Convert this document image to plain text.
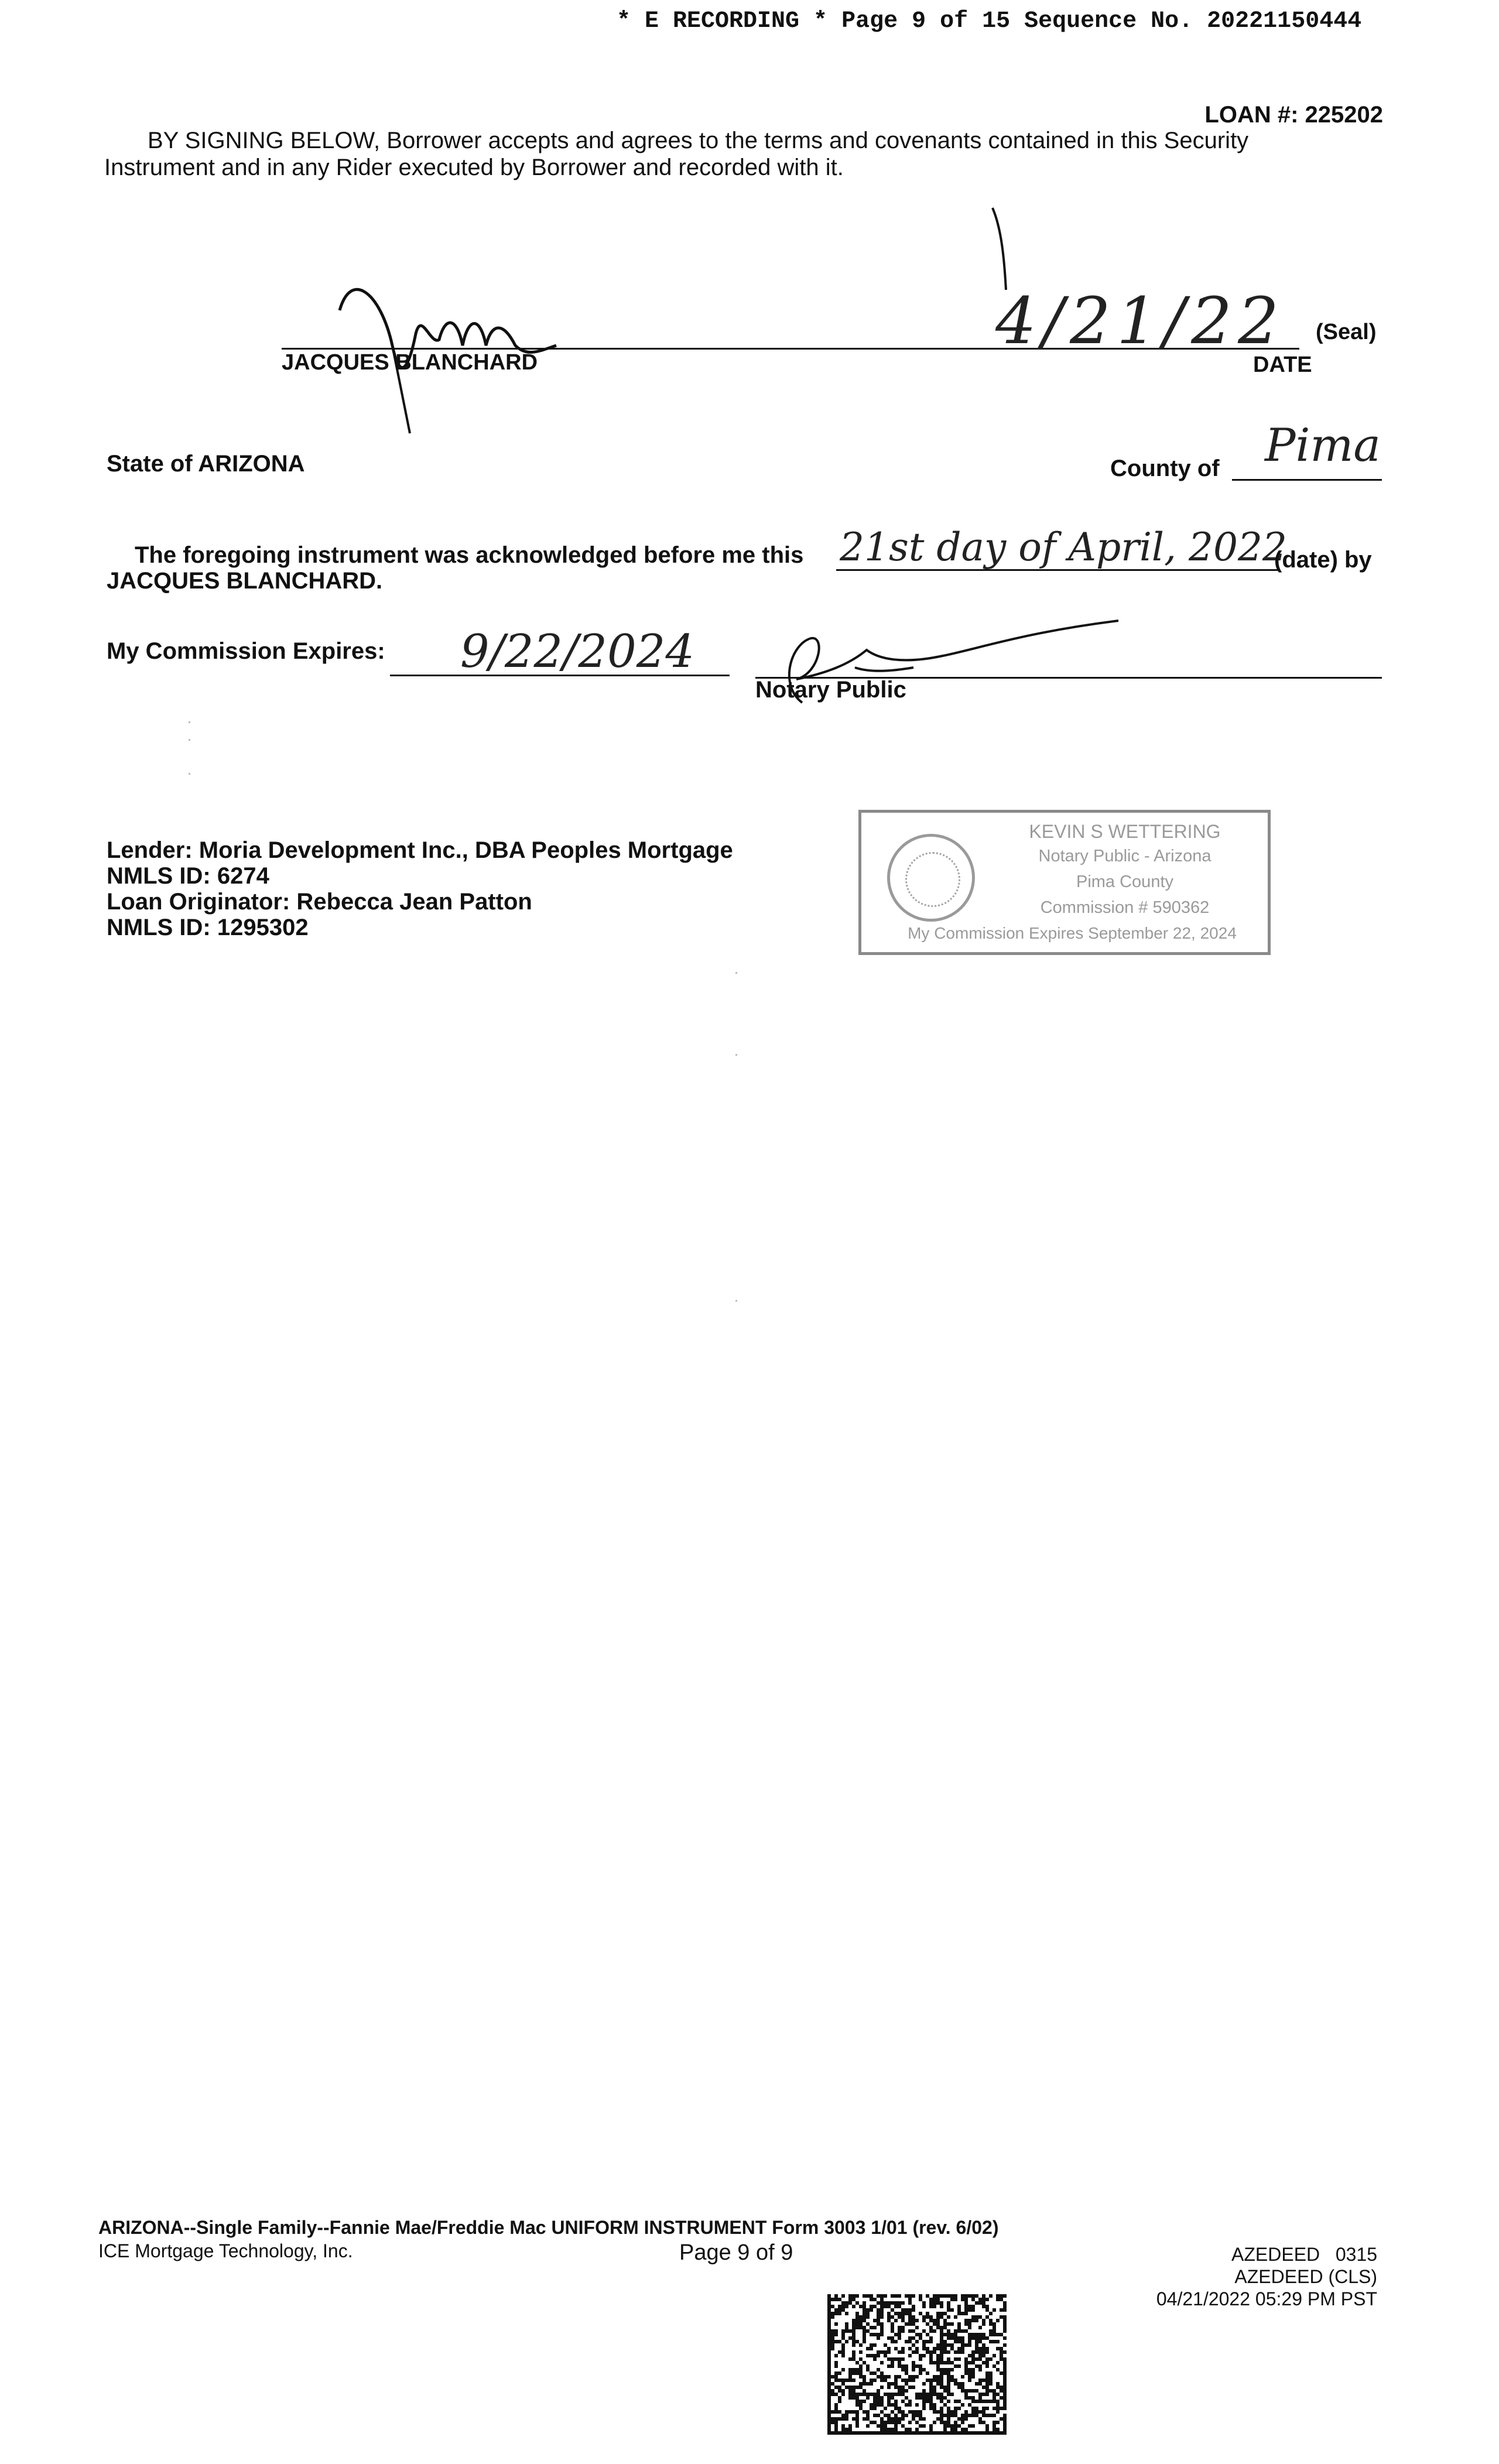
* E RECORDING * Page 9 of 15 Sequence No. 20221150444
LOAN #: 225202
BY SIGNING BELOW, Borrower accepts and agrees to the terms and covenants contained in this Security
Instrument and in any Rider executed by Borrower and recorded with it.
JACQUES BLANCHARD
4/21/22 (Seal)
DATE
State of ARIZONA	County of Pima
The foregoing instrument was acknowledged before me this 21st day of April, 2022
(date) by
JACQUES BLANCHARD.
My Commission Expires: 9/22/2024
Notary Public
Lender: Moria Development Inc., DBA Peoples Mortgage
NMLS ID: 6274
Loan Originator: Rebecca Jean Patton
NMLS ID: 1295302
KEVIN S WETTERING
Notary Public - Arizona
Pima County
Commission # 590362
My Commission Expires September 22, 2024
ARIZONA--Single Family--Fannie Mae/Freddie Mac UNIFORM INSTRUMENT Form 3003 1/01 (rev. 6/02)
ICE Mortgage Technology, Inc.	Page 9 of 9	AZEDEED   0315
AZEDEED (CLS)
04/21/2022 05:29 PM PST
